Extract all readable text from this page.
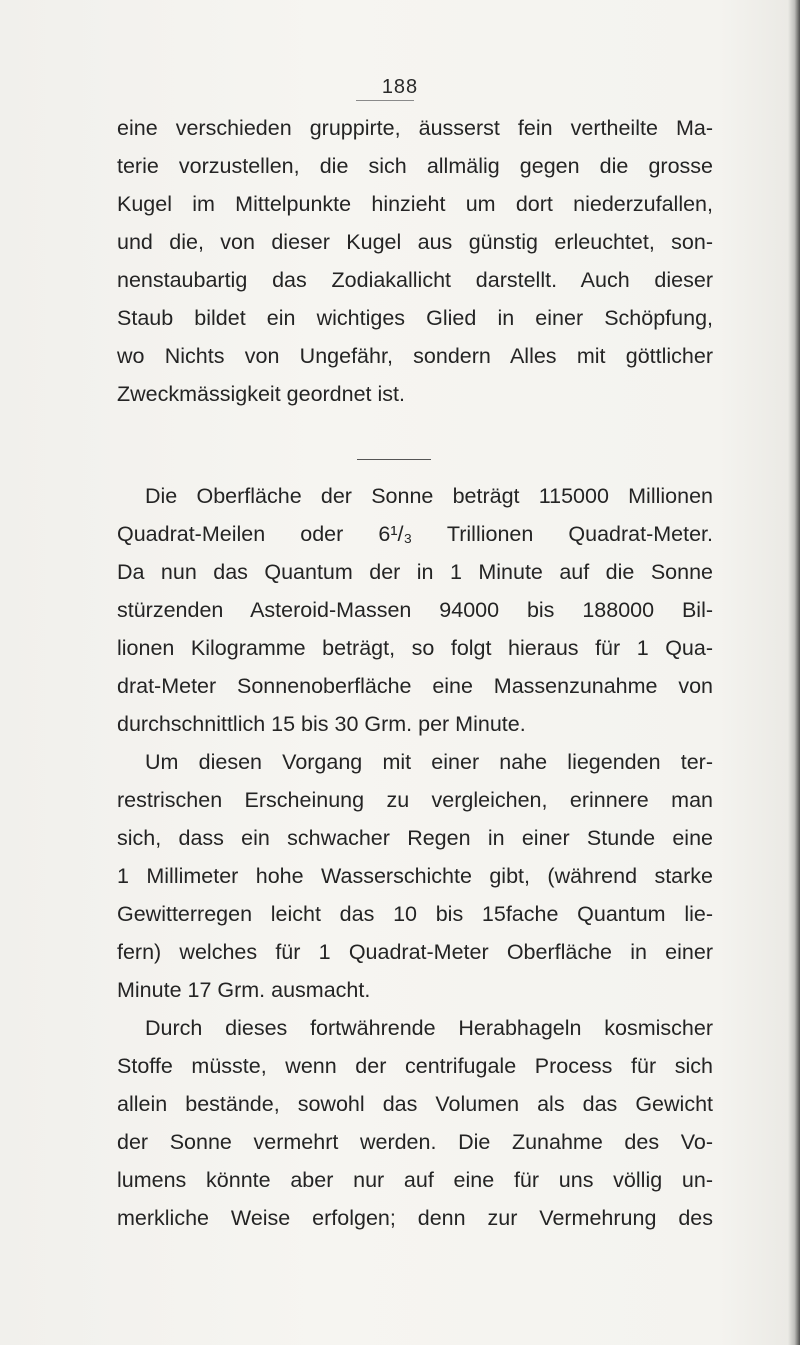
188
eine verschieden gruppirte, äusserst fein vertheilte Ma-
terie vorzustellen, die sich allmälig gegen die grosse
Kugel im Mittelpunkte hinzieht um dort niederzufallen,
und die, von dieser Kugel aus günstig erleuchtet, son-
nenstaubartig das Zodiakallicht darstellt. Auch dieser
Staub bildet ein wichtiges Glied in einer Schöpfung,
wo Nichts von Ungefähr, sondern Alles mit göttlicher
Zweckmässigkeit geordnet ist.
Die Oberfläche der Sonne beträgt 115000 Millionen
Quadrat-Meilen oder 6¹/₃ Trillionen Quadrat-Meter.
Da nun das Quantum der in 1 Minute auf die Sonne
stürzenden Asteroid-Massen 94000 bis 188000 Bil-
lionen Kilogramme beträgt, so folgt hieraus für 1 Qua-
drat-Meter Sonnenoberfläche eine Massenzunahme von
durchschnittlich 15 bis 30 Grm. per Minute.
Um diesen Vorgang mit einer nahe liegenden ter-
restrischen Erscheinung zu vergleichen, erinnere man
sich, dass ein schwacher Regen in einer Stunde eine
1 Millimeter hohe Wasserschichte gibt, (während starke
Gewitterregen leicht das 10 bis 15fache Quantum lie-
fern) welches für 1 Quadrat-Meter Oberfläche in einer
Minute 17 Grm. ausmacht.
Durch dieses fortwährende Herabhageln kosmischer
Stoffe müsste, wenn der centrifugale Process für sich
allein bestände, sowohl das Volumen als das Gewicht
der Sonne vermehrt werden. Die Zunahme des Vo-
lumens könnte aber nur auf eine für uns völlig un-
merkliche Weise erfolgen; denn zur Vermehrung des
